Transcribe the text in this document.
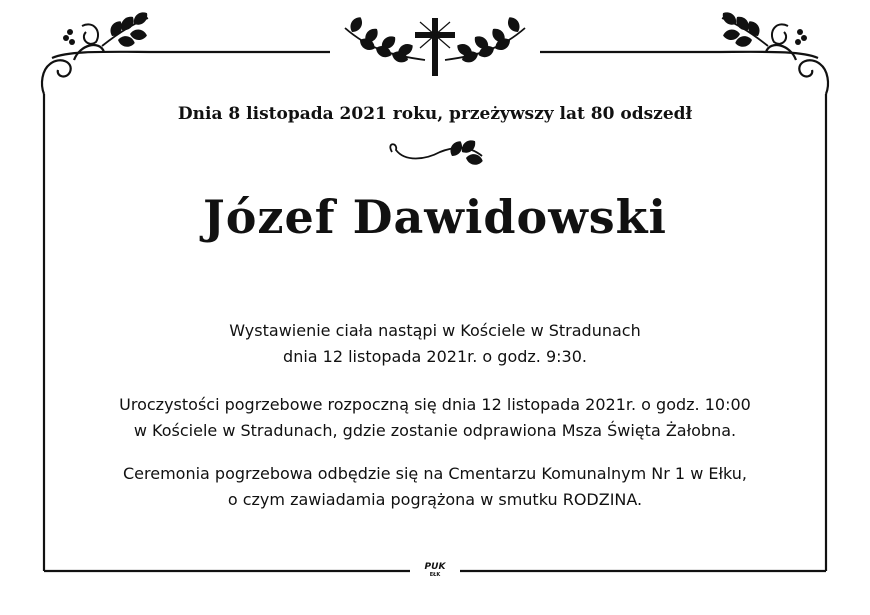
Dnia 8 listopada 2021 roku, przeżywszy lat 80 odszedł
Józef Dawidowski
Wystawienie ciała nastąpi w Kościele w Stradunach
dnia 12 listopada 2021r. o godz. 9:30.
Uroczystości pogrzebowe rozpoczną się dnia 12 listopada 2021r. o godz. 10:00
w Kościele w Stradunach, gdzie zostanie odprawiona Msza Święta Żałobna.
Ceremonia pogrzebowa odbędzie się na Cmentarzu Komunalnym Nr 1 w Ełku,
o czym zawiadamia pogrążona w smutku RODZINA.
PUK
EŁK
